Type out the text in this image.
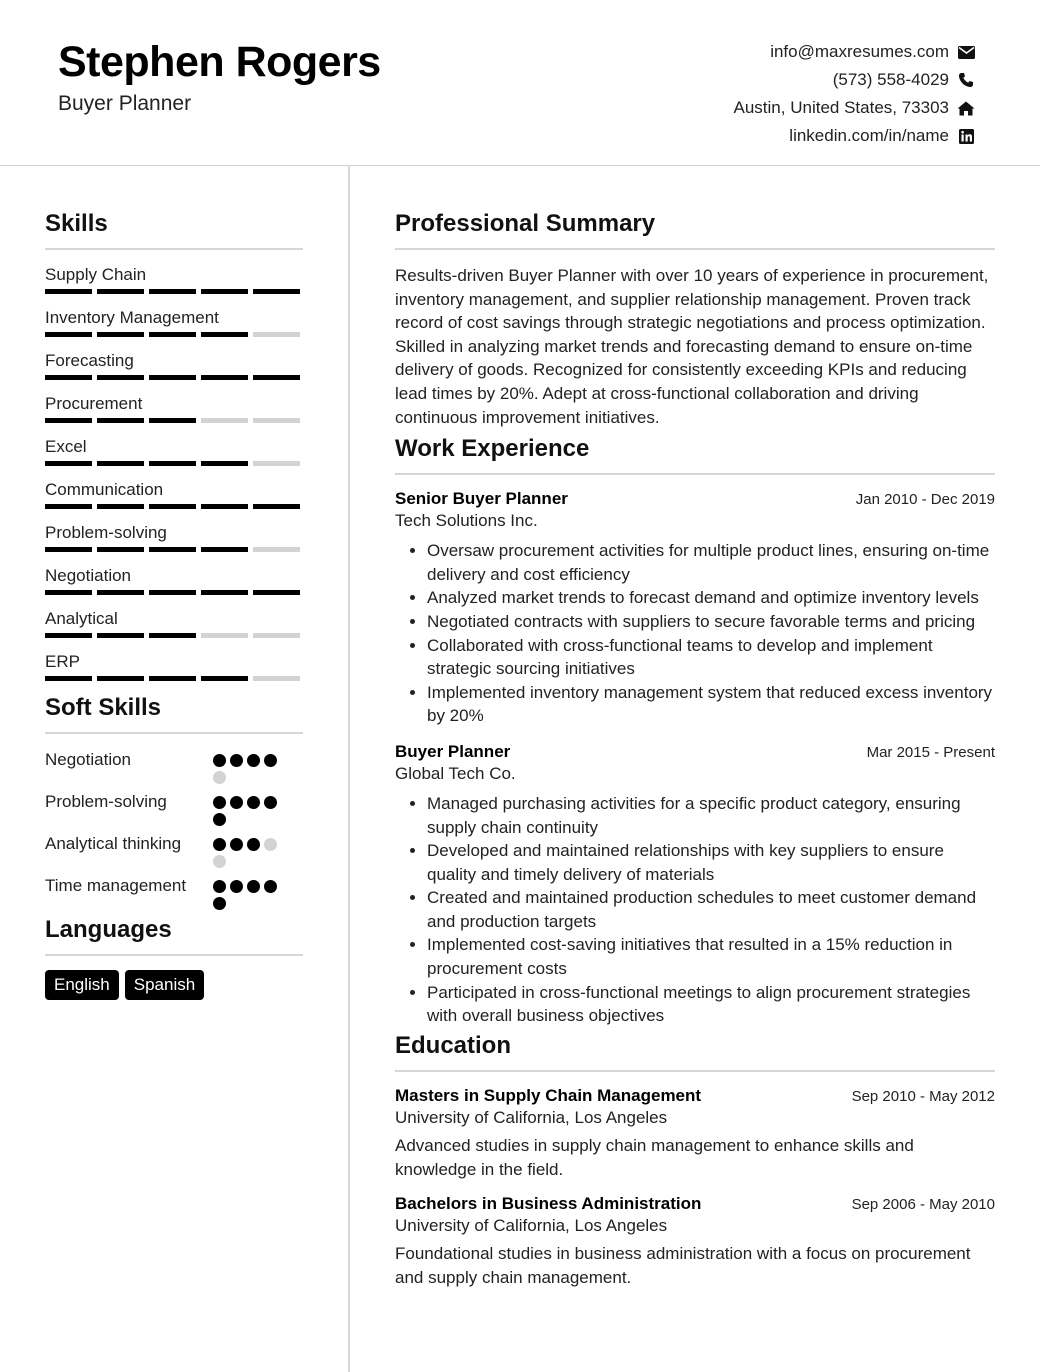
Stephen Rogers
Buyer Planner
info@maxresumes.com
(573) 558-4029
Austin, United States, 73303
linkedin.com/in/name
Skills
Supply Chain
Inventory Management
Forecasting
Procurement
Excel
Communication
Problem-solving
Negotiation
Analytical
ERP
Soft Skills
Negotiation
Problem-solving
Analytical thinking
Time management
Languages
English	Spanish
Professional Summary
Results-driven Buyer Planner with over 10 years of experience in procurement, inventory management, and supplier relationship management. Proven track record of cost savings through strategic negotiations and process optimization. Skilled in analyzing market trends and forecasting demand to ensure on-time delivery of goods. Recognized for consistently exceeding KPIs and reducing lead times by 20%. Adept at cross-functional collaboration and driving continuous improvement initiatives.
Work Experience
Senior Buyer Planner	Jan 2010 - Dec 2019
Tech Solutions Inc.
• Oversaw procurement activities for multiple product lines, ensuring on-time delivery and cost efficiency
• Analyzed market trends to forecast demand and optimize inventory levels
• Negotiated contracts with suppliers to secure favorable terms and pricing
• Collaborated with cross-functional teams to develop and implement strategic sourcing initiatives
• Implemented inventory management system that reduced excess inventory by 20%
Buyer Planner	Mar 2015 - Present
Global Tech Co.
• Managed purchasing activities for a specific product category, ensuring supply chain continuity
• Developed and maintained relationships with key suppliers to ensure quality and timely delivery of materials
• Created and maintained production schedules to meet customer demand and production targets
• Implemented cost-saving initiatives that resulted in a 15% reduction in procurement costs
• Participated in cross-functional meetings to align procurement strategies with overall business objectives
Education
Masters in Supply Chain Management	Sep 2010 - May 2012
University of California, Los Angeles
Advanced studies in supply chain management to enhance skills and knowledge in the field.
Bachelors in Business Administration	Sep 2006 - May 2010
University of California, Los Angeles
Foundational studies in business administration with a focus on procurement and supply chain management.
